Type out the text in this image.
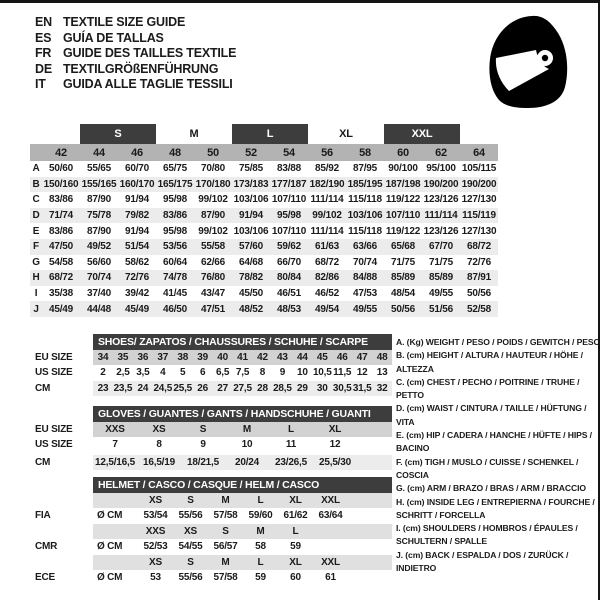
EN TEXTILE SIZE GUIDE
ES GUÍA DE TALLAS
FR GUIDE DES TAILLES TEXTILE
DE TEXTILGRÖßENFÜHRUNG
IT	GUIDA ALLE TAGLIE TESSILI
S	M	L	XL	XXL
42	44	46	48	50	52	54	56	58	60	62	64
A 50/60	55/65	60/70	65/75	70/80	75/85	83/88	85/92	87/95	90/100 95/100 105/115
B 150/160 155/165 160/170 165/175 170/180 173/183 177/187 182/190 185/195 187/198 190/200 190/200
C 83/86	87/90	91/94	95/98	99/102 103/106 107/110 111/114 115/118 119/122 123/126 127/130
D 71/74	75/78	79/82	83/86	87/90	91/94	95/98	99/102 103/106 107/110 111/114 115/119
E 83/86	87/90	91/94	95/98	99/102 103/106 107/110 111/114 115/118 119/122 123/126 127/130
F	47/50	49/52	51/54	53/56	55/58	57/60	59/62	61/63	63/66	65/68	67/70	68/72
G 54/58	56/60	58/62	60/64	62/66	64/68	66/70	68/72	70/74	71/75	71/75	72/76
H 68/72	70/74	72/76	74/78	76/80	78/82	80/84	82/86	84/88	85/89	85/89	87/91
I	35/38	37/40	39/42	41/45	43/47	45/50	46/51	46/52	47/53	48/54	49/55	50/56
J	45/49	44/48	45/49	46/50	47/51	48/52	48/53	49/54	49/55	50/56	51/56	52/58
SHOES/ ZAPATOS / CHAUSSURES / SCHUHE / SCARPE
EU SIZE	34 35 36 37 38 39 40 41 42 43 44 45 46 47 48
US SIZE	2	2,5 3,5	4	5	6	6,5 7,5	8	9	10 10,5 11,5 12 13
CM	23 23,5 24 24,5 25,5 26 27 27,5 28 28,5 29 30 30,5 31,5 32
GLOVES / GUANTES / GANTS / HANDSCHUHE / GUANTI
EU SIZE	XXS	XS	S	M	L	XL
US SIZE	7	8	9	10	11	12
CM	12,5/16,5 16,5/19	18/21,5	20/24	23/26,5	25,5/30
HELMET / CASCO / CASQUE / HELM / CASCO
XS	S	M	L	XL	XXL
FIA	Ø CM	53/54	55/56	57/58	59/60	61/62	63/64
XXS	XS	S	M	L
CMR	Ø CM	52/53	54/55	56/57	58	59
XS	S	M	L	XL	XXL
ECE	Ø CM	53	55/56	57/58	59	60	61
A. (Kg) WEIGHT / PESO / POIDS / GEWITCH / PESO
B. (cm) HEIGHT / ALTURA / HAUTEUR / HÖHE / ALTEZZA
C. (cm) CHEST / PECHO / POITRINE / TRUHE / PETTO
D. (cm) WAIST / CINTURA / TAILLE / HÜFTUNG / VITA
E. (cm) HIP / CADERA / HANCHE / HÜFTE / HIPS / BACINO
F. (cm) TIGH / MUSLO / CUISSE / SCHENKEL / COSCIA
G. (cm) ARM / BRAZO / BRAS / ARM / BRACCIO
H. (cm) INSIDE LEG / ENTREPIERNA / FOURCHE / SCHRITT / FORCELLA
I. (cm) SHOULDERS / HOMBROS / ÉPAULES / SCHULTERN / SPALLE
J. (cm) BACK / ESPALDA / DOS / ZURÜCK / INDIETRO
